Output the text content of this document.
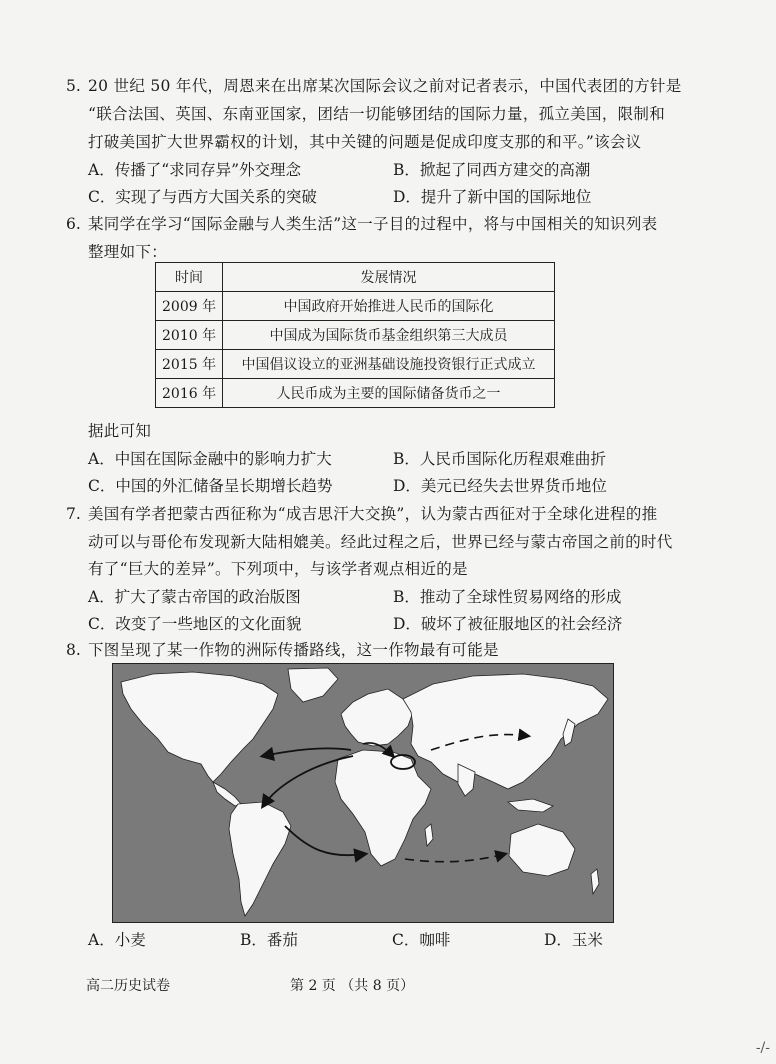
5. 20 世纪 50 年代，周恩来在出席某次国际会议之前对记者表示，中国代表团的方针是
“联合法国、英国、东南亚国家，团结一切能够团结的国际力量，孤立美国，限制和
打破美国扩大世界霸权的计划，其中关键的问题是促成印度支那的和平。”该会议
A．传播了“求同存异”外交理念	B．掀起了同西方建交的高潮
C．实现了与西方大国关系的突破	D．提升了新中国的国际地位
6. 某同学在学习“国际金融与人类生活”这一子目的过程中，将与中国相关的知识列表
整理如下：
时间	发展情况
2009 年	中国政府开始推进人民币的国际化
2010 年	中国成为国际货币基金组织第三大成员
2015 年	中国倡议设立的亚洲基础设施投资银行正式成立
2016 年	人民币成为主要的国际储备货币之一
据此可知
A．中国在国际金融中的影响力扩大	B．人民币国际化历程艰难曲折
C．中国的外汇储备呈长期增长趋势	D．美元已经失去世界货币地位
7. 美国有学者把蒙古西征称为“成吉思汗大交换”，认为蒙古西征对于全球化进程的推
动可以与哥伦布发现新大陆相媲美。经此过程之后，世界已经与蒙古帝国之前的时代
有了“巨大的差异”。下列项中，与该学者观点相近的是
A．扩大了蒙古帝国的政治版图	B．推动了全球性贸易网络的形成
C．改变了一些地区的文化面貌	D．破坏了被征服地区的社会经济
8. 下图呈现了某一作物的洲际传播路线，这一作物最有可能是
A．小麦	B．番茄	C．咖啡	D．玉米
高二历史试卷	第 2 页 （共 8 页）
-/-
